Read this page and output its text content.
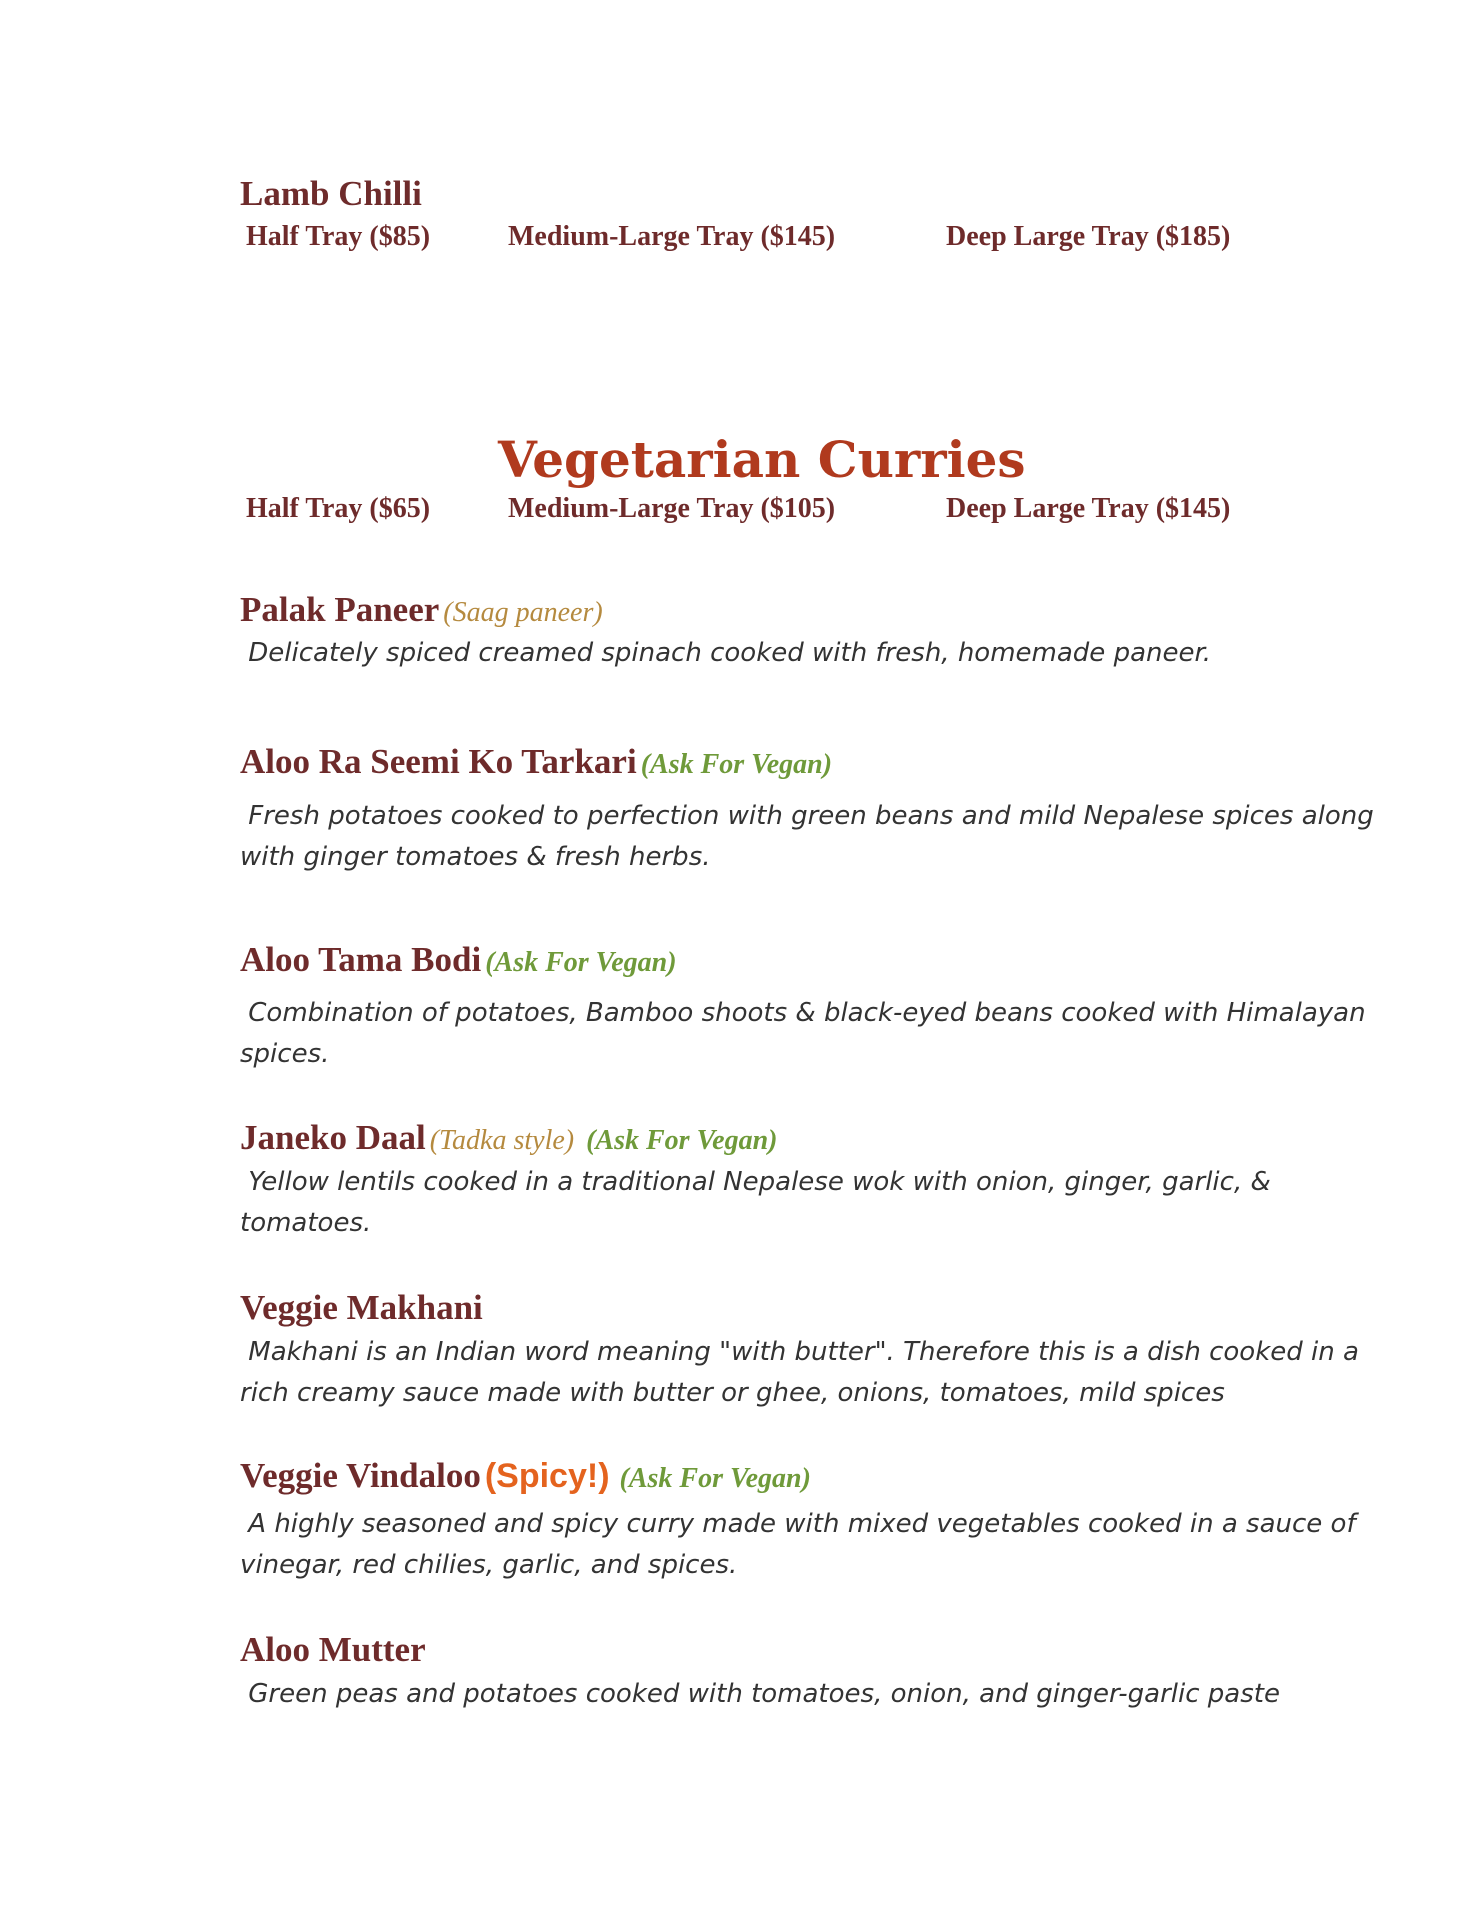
Lamb Chilli
Half Tray ($85)	Medium-Large Tray ($145)	Deep Large Tray ($185)
Vegetarian Curries
Half Tray ($65)	Medium-Large Tray ($105)	Deep Large Tray ($145)
Palak Paneer (Saag paneer)
Delicately spiced creamed spinach cooked with fresh, homemade paneer.
Aloo Ra Seemi Ko Tarkari (Ask For Vegan)
Fresh potatoes cooked to perfection with green beans and mild Nepalese spices along
with ginger tomatoes & fresh herbs.
Aloo Tama Bodi (Ask For Vegan)
Combination of potatoes, Bamboo shoots & black-eyed beans cooked with Himalayan
spices.
Janeko Daal (Tadka style) (Ask For Vegan)
Yellow lentils cooked in a traditional Nepalese wok with onion, ginger, garlic, &
tomatoes.
Veggie Makhani
Makhani is an Indian word meaning "with butter". Therefore this is a dish cooked in a
rich creamy sauce made with butter or ghee, onions, tomatoes, mild spices
Veggie Vindaloo (Spicy!) (Ask For Vegan)
A highly seasoned and spicy curry made with mixed vegetables cooked in a sauce of
vinegar, red chilies, garlic, and spices.
Aloo Mutter
Green peas and potatoes cooked with tomatoes, onion, and ginger-garlic paste
